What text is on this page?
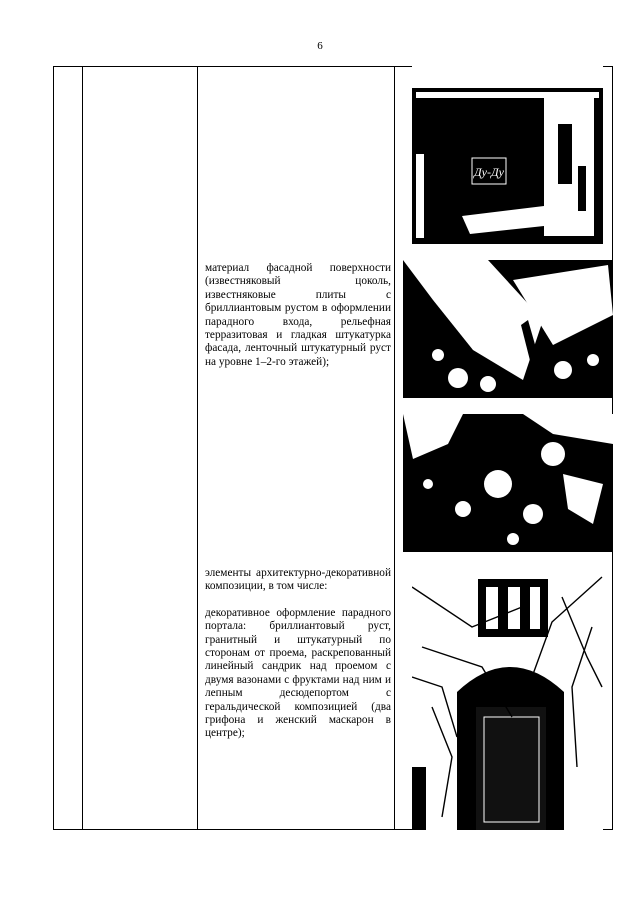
6
Ду-Ду

материал фасадной поверхности (известняковый цоколь, известняковые плиты с бриллиантовым рустом в оформлении парадного входа, рельефная терразитовая и гладкая штукатурка фасада, ленточный штукатурный руст на уровне 1–2-го этажей);

элементы архитектурно-декоративной композиции, в том числе:

декоративное оформление парадного портала: бриллиантовый руст, гранитный и штукатурный по сторонам от проема, раскрепованный линейный сандрик над проемом с двумя вазонами с фруктами над ним и лепным десюдепортом с геральдической композицией (два грифона и женский маскарон в центре);
